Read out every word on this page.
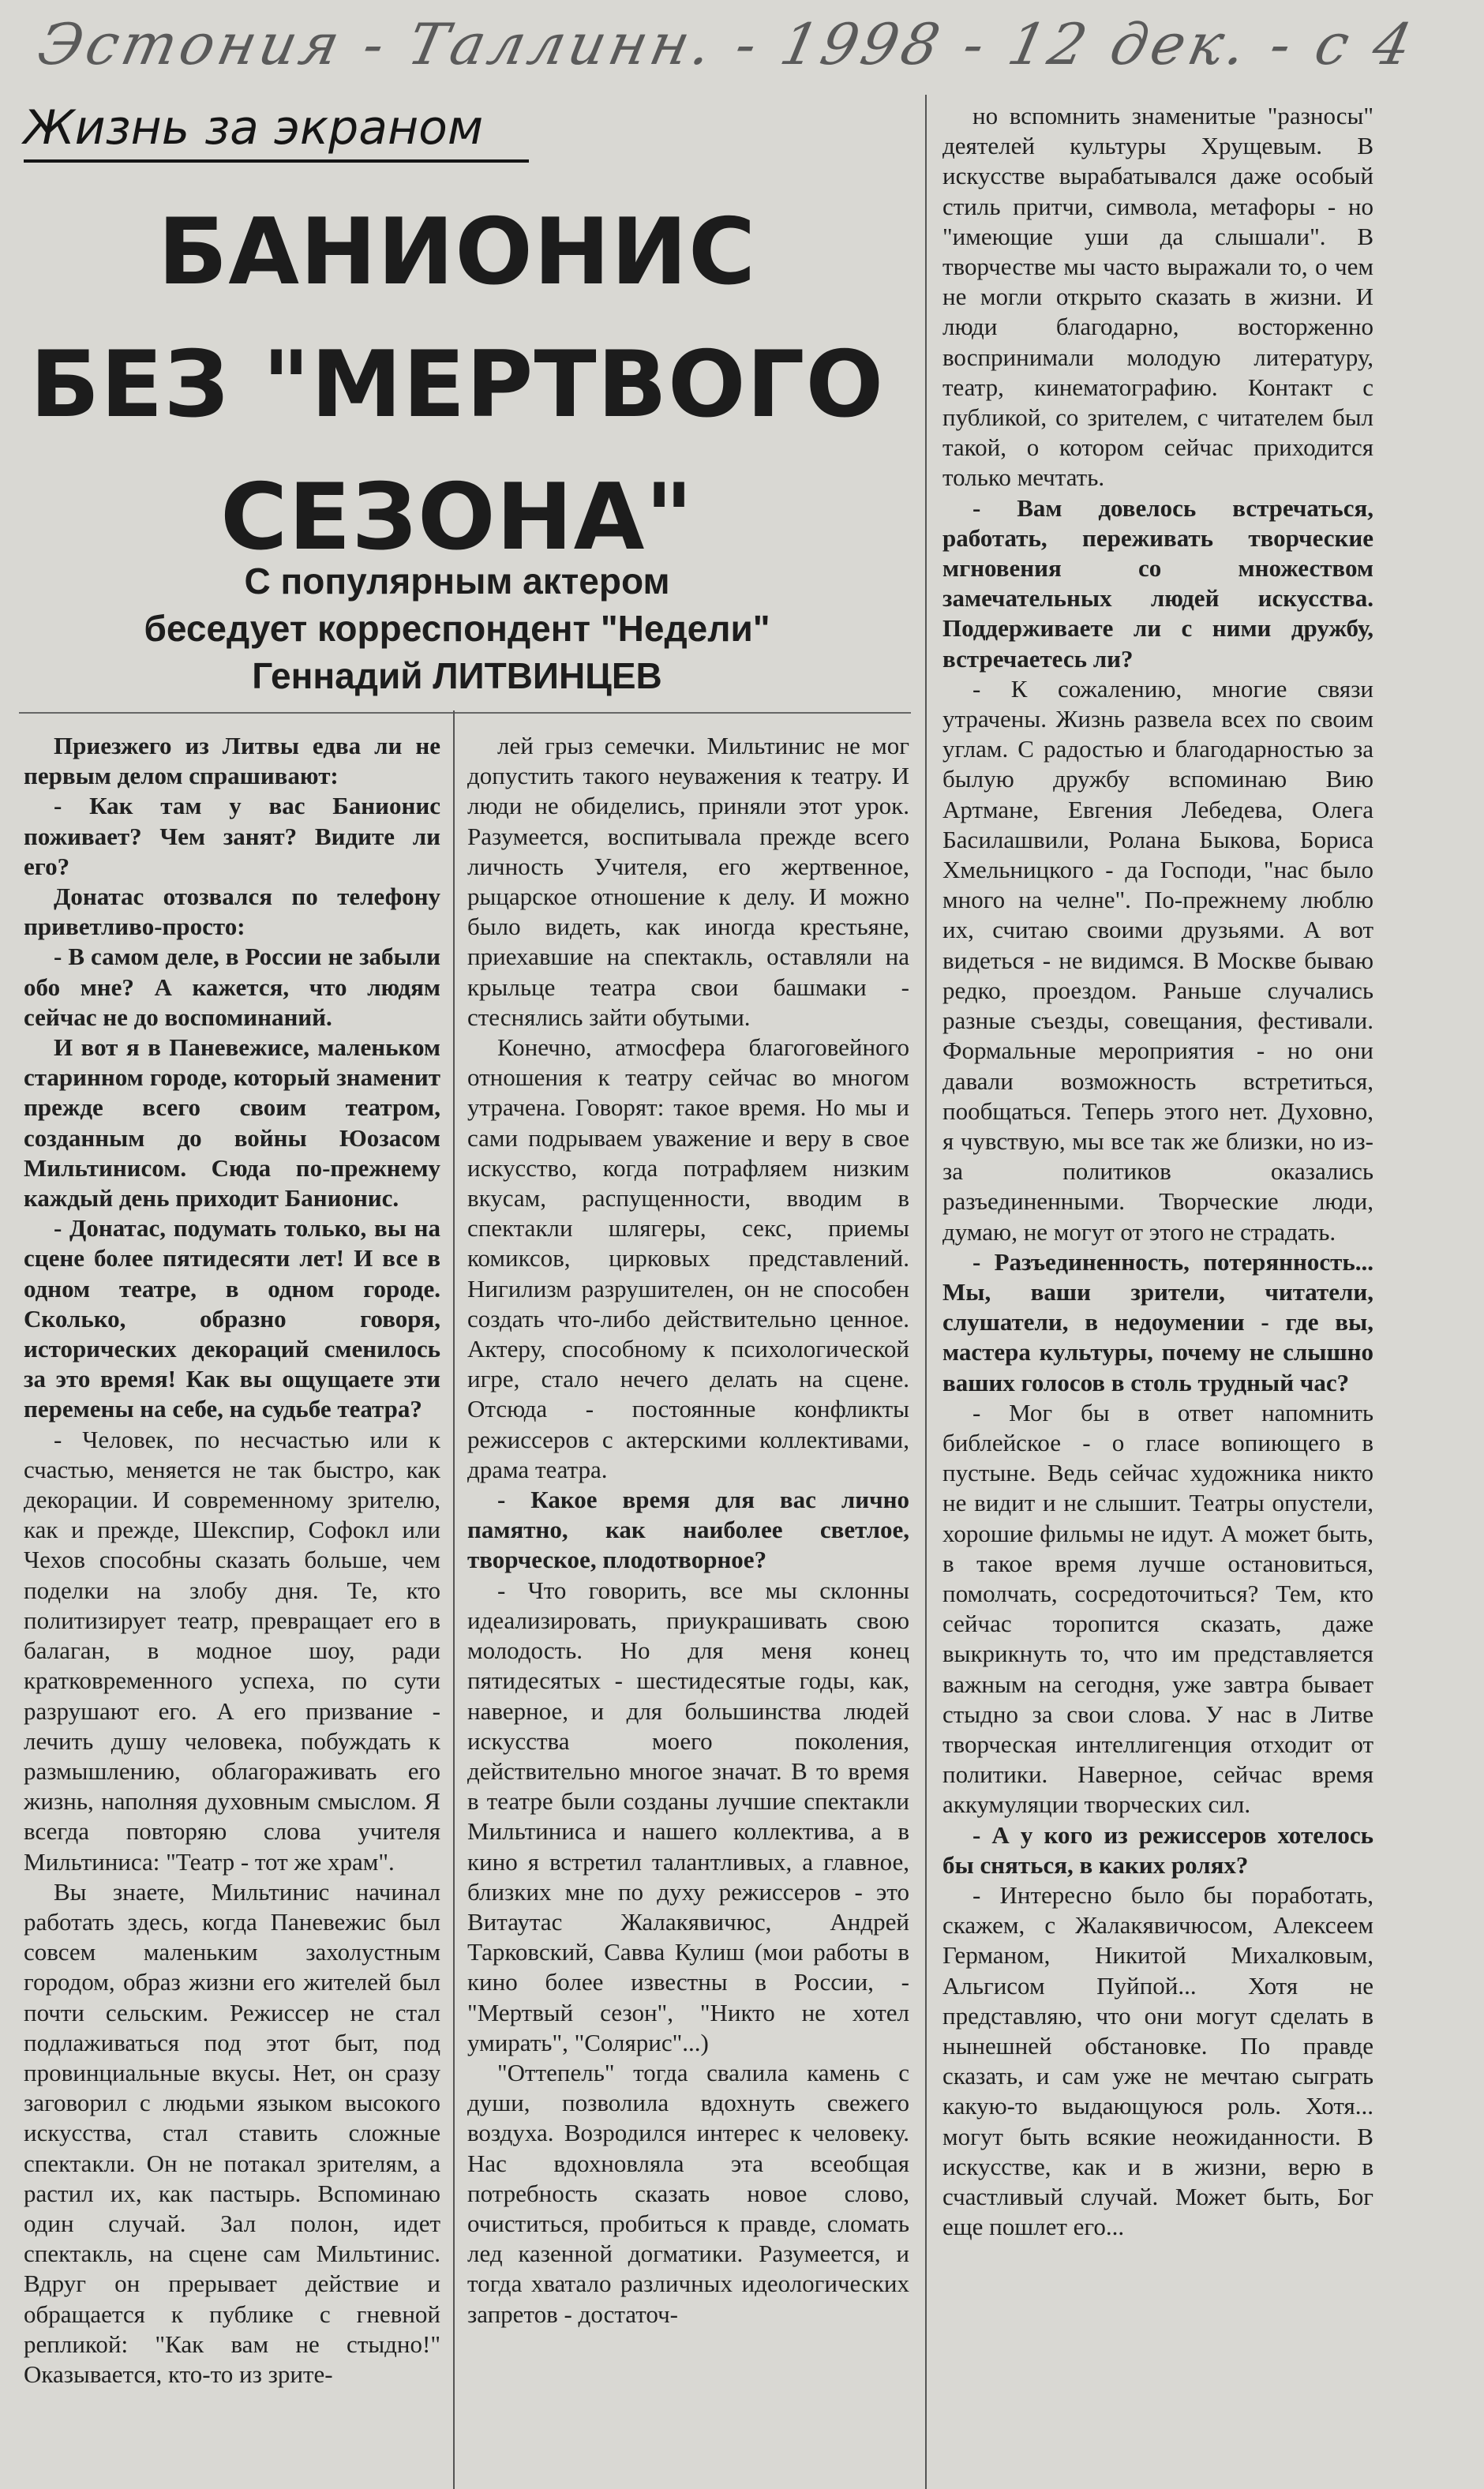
Эстония - Таллинн. - 1998 - 12 дек. - с 4
Жизнь за экраном
БАНИОНИС
БЕЗ "МЕРТВОГО
СЕЗОНА"
С популярным актером
беседует корреспондент "Недели"
Геннадий ЛИТВИНЦЕВ

Приезжего из Литвы едва ли не первым делом спрашивают:

- Как там у вас Банионис поживает? Чем занят? Видите ли его?

Донатас отозвался по телефону приветливо-просто:

- В самом деле, в России не забыли обо мне? А кажется, что людям сейчас не до воспоминаний.

И вот я в Паневежисе, маленьком старинном городе, который знаменит прежде всего своим театром, созданным до войны Юозасом Мильтинисом. Сюда по-прежнему каждый день приходит Банионис.

- Донатас, подумать только, вы на сцене более пятидесяти лет! И все в одном театре, в одном городе. Сколько, образно говоря, исторических декораций сменилось за это время! Как вы ощущаете эти перемены на себе, на судьбе театра?

- Человек, по несчастью или к счастью, меняется не так быстро, как декорации. И современному зрителю, как и прежде, Шекспир, Софокл или Чехов способны сказать больше, чем поделки на злобу дня. Те, кто политизирует театр, превращает его в балаган, в модное шоу, ради кратковременного успеха, по сути разрушают его. А его призвание - лечить душу человека, побуждать к размышлению, облагораживать его жизнь, наполняя духовным смыслом. Я всегда повторяю слова учителя Мильтиниса: "Театр - тот же храм".

Вы знаете, Мильтинис начинал работать здесь, когда Паневежис был совсем маленьким захолустным городом, образ жизни его жителей был почти сельским. Режиссер не стал подлаживаться под этот быт, под провинциальные вкусы. Нет, он сразу заговорил с людьми языком высокого искусства, стал ставить сложные спектакли. Он не потакал зрителям, а растил их, как пастырь. Вспоминаю один случай. Зал полон, идет спектакль, на сцене сам Мильтинис. Вдруг он прерывает действие и обращается к публике с гневной репликой: "Как вам не стыдно!" Оказывается, кто-то из зрите-

лей грыз семечки. Мильтинис не мог допустить такого неуважения к театру. И люди не обиделись, приняли этот урок. Разумеется, воспитывала прежде всего личность Учителя, его жертвенное, рыцарское отношение к делу. И можно было видеть, как иногда крестьяне, приехавшие на спектакль, оставляли на крыльце театра свои башмаки - стеснялись зайти обутыми.

Конечно, атмосфера благоговейного отношения к театру сейчас во многом утрачена. Говорят: такое время. Но мы и сами подрываем уважение и веру в свое искусство, когда потрафляем низким вкусам, распущенности, вводим в спектакли шлягеры, секс, приемы комиксов, цирковых представлений. Нигилизм разрушителен, он не способен создать что-либо действительно ценное. Актеру, способному к психологической игре, стало нечего делать на сцене. Отсюда - постоянные конфликты режиссеров с актерскими коллективами, драма театра.

- Какое время для вас лично памятно, как наиболее светлое, творческое, плодотворное?

- Что говорить, все мы склонны идеализировать, приукрашивать свою молодость. Но для меня конец пятидесятых - шестидесятые годы, как, наверное, и для большинства людей искусства моего поколения, действительно многое значат. В то время в театре были созданы лучшие спектакли Мильтиниса и нашего коллектива, а в кино я встретил талантливых, а главное, близких мне по духу режиссеров - это Витаутас Жалакявичюс, Андрей Тарковский, Савва Кулиш (мои работы в кино более известны в России, - "Мертвый сезон", "Никто не хотел умирать", "Солярис"...)

"Оттепель" тогда свалила камень с души, позволила вдохнуть свежего воздуха. Возродился интерес к человеку. Нас вдохновляла эта всеобщая потребность сказать новое слово, очиститься, пробиться к правде, сломать лед казенной догматики. Разумеется, и тогда хватало различных идеологических запретов - достаточ-

но вспомнить знаменитые "разносы" деятелей культуры Хрущевым. В искусстве вырабатывался даже особый стиль притчи, символа, метафоры - но "имеющие уши да слышали". В творчестве мы часто выражали то, о чем не могли открыто сказать в жизни. И люди благодарно, восторженно воспринимали молодую литературу, театр, кинематографию. Контакт с публикой, со зрителем, с читателем был такой, о котором сейчас приходится только мечтать.

- Вам довелось встречаться, работать, переживать творческие мгновения со множеством замечательных людей искусства. Поддерживаете ли с ними дружбу, встречаетесь ли?

- К сожалению, многие связи утрачены. Жизнь развела всех по своим углам. С радостью и благодарностью за былую дружбу вспоминаю Вию Артмане, Евгения Лебедева, Олега Басилашвили, Ролана Быкова, Бориса Хмельницкого - да Господи, "нас было много на челне". По-прежнему люблю их, считаю своими друзьями. А вот видеться - не видимся. В Москве бываю редко, проездом. Раньше случались разные съезды, совещания, фестивали. Формальные мероприятия - но они давали возможность встретиться, пообщаться. Теперь этого нет. Духовно, я чувствую, мы все так же близки, но из-за политиков оказались разъединенными. Творческие люди, думаю, не могут от этого не страдать.

- Разъединенность, потерянность... Мы, ваши зрители, читатели, слушатели, в недоумении - где вы, мастера культуры, почему не слышно ваших голосов в столь трудный час?

- Мог бы в ответ напомнить библейское - о гласе вопиющего в пустыне. Ведь сейчас художника никто не видит и не слышит. Театры опустели, хорошие фильмы не идут. А может быть, в такое время лучше остановиться, помолчать, сосредоточиться? Тем, кто сейчас торопится сказать, даже выкрикнуть то, что им представляется важным на сегодня, уже завтра бывает стыдно за свои слова. У нас в Литве творческая интеллигенция отходит от политики. Наверное, сейчас время аккумуляции творческих сил.

- А у кого из режиссеров хотелось бы сняться, в каких ролях?

- Интересно было бы поработать, скажем, с Жалакявичюсом, Алексеем Германом, Никитой Михалковым, Альгисом Пуйпой... Хотя не представляю, что они могут сделать в нынешней обстановке. По правде сказать, и сам уже не мечтаю сыграть какую-то выдающуюся роль. Хотя... могут быть всякие неожиданности. В искусстве, как и в жизни, верю в счастливый случай. Может быть, Бог еще пошлет его...
